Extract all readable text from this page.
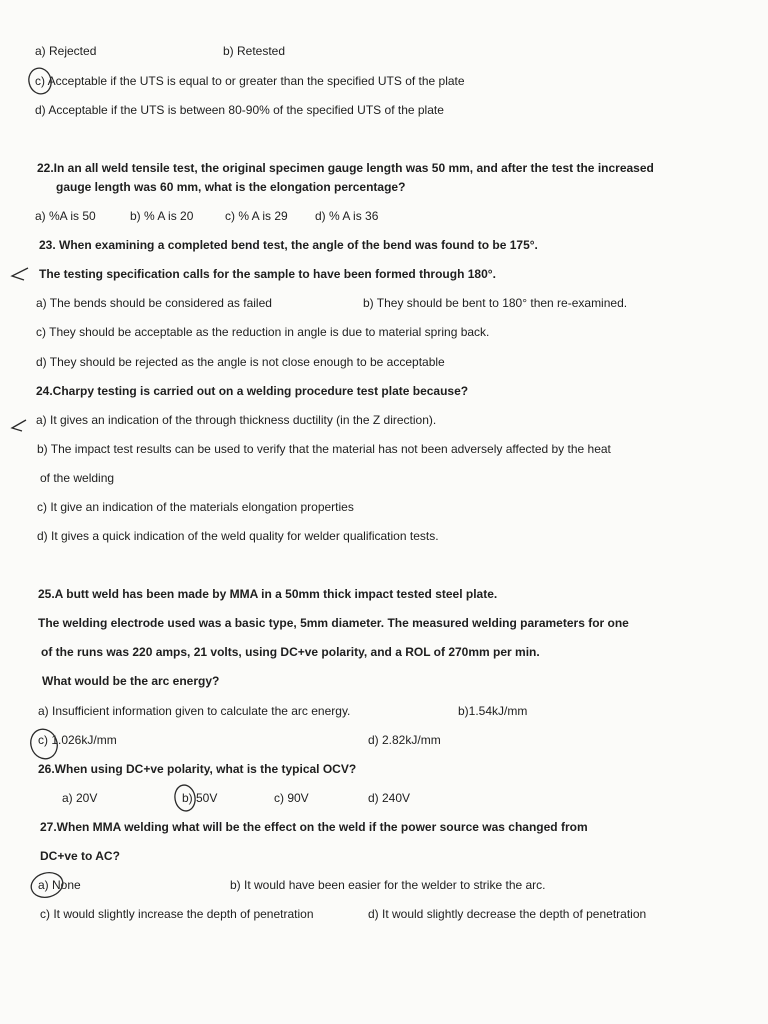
a) Rejected	b) Retested
c) Acceptable if the UTS is equal to or greater than the specified UTS of the plate
d) Acceptable if the UTS is between 80-90% of the specified UTS of the plate
22.In an all weld tensile test, the original specimen gauge length was 50 mm, and after the test the increased
gauge length was 60 mm, what is the elongation percentage?
a) %A is 50	b) % A is 20	c) % A is 29 d) % A is 36
23. When examining a completed bend test, the angle of the bend was found to be 175°.
The testing specification calls for the sample to have been formed through 180°.
a) The bends should be considered as failed	b) They should be bent to 180° then re-examined.
c) They should be acceptable as the reduction in angle is due to material spring back.
d) They should be rejected as the angle is not close enough to be acceptable
24.Charpy testing is carried out on a welding procedure test plate because?
a) It gives an indication of the through thickness ductility (in the Z direction).
b) The impact test results can be used to verify that the material has not been adversely affected by the heat
of the welding
c) It give an indication of the materials elongation properties
d) It gives a quick indication of the weld quality for welder qualification tests.
25.A butt weld has been made by MMA in a 50mm thick impact tested steel plate.
The welding electrode used was a basic type, 5mm diameter. The measured welding parameters for one
of the runs was 220 amps, 21 volts, using DC+ve polarity, and a ROL of 270mm per min.
What would be the arc energy?
a) Insufficient information given to calculate the arc energy.	b)1.54kJ/mm
c) 1.026kJ/mm	d) 2.82kJ/mm
26.When using DC+ve polarity, what is the typical OCV?
a) 20V	b) 50V	c) 90V	d) 240V
27.When MMA welding what will be the effect on the weld if the power source was changed from
DC+ve to AC?
a) None	b) It would have been easier for the welder to strike the arc.
c) It would slightly increase the depth of penetration	d) It would slightly decrease the depth of penetration
